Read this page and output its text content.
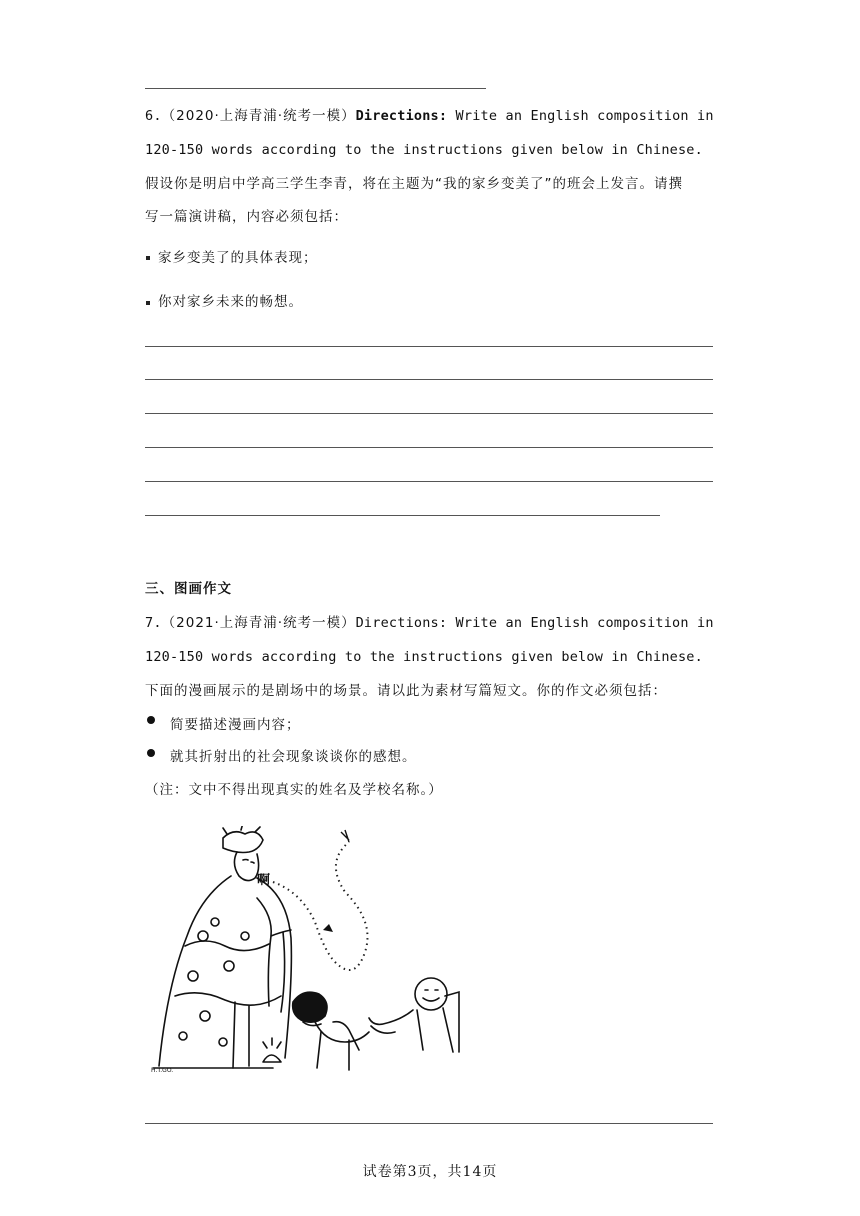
6.（2020·上海青浦·统考一模）Directions: Write an English composition in
120-150 words according to the instructions given below in Chinese.
假设你是明启中学高三学生李青，将在主题为“我的家乡变美了”的班会上发言。请撰
写一篇演讲稿，内容必须包括：
家乡变美了的具体表现；
你对家乡未来的畅想。
三、图画作文
7.（2021·上海青浦·统考一模）Directions: Write an English composition in
120-150 words according to the instructions given below in Chinese.
下面的漫画展示的是剧场中的场景。请以此为素材写篇短文。你的作文必须包括：
简要描述漫画内容；
就其折射出的社会现象谈谈你的感想。
（注：文中不得出现真实的姓名及学校名称。）
啊
H.T.GO.
试卷第3页，共14页
